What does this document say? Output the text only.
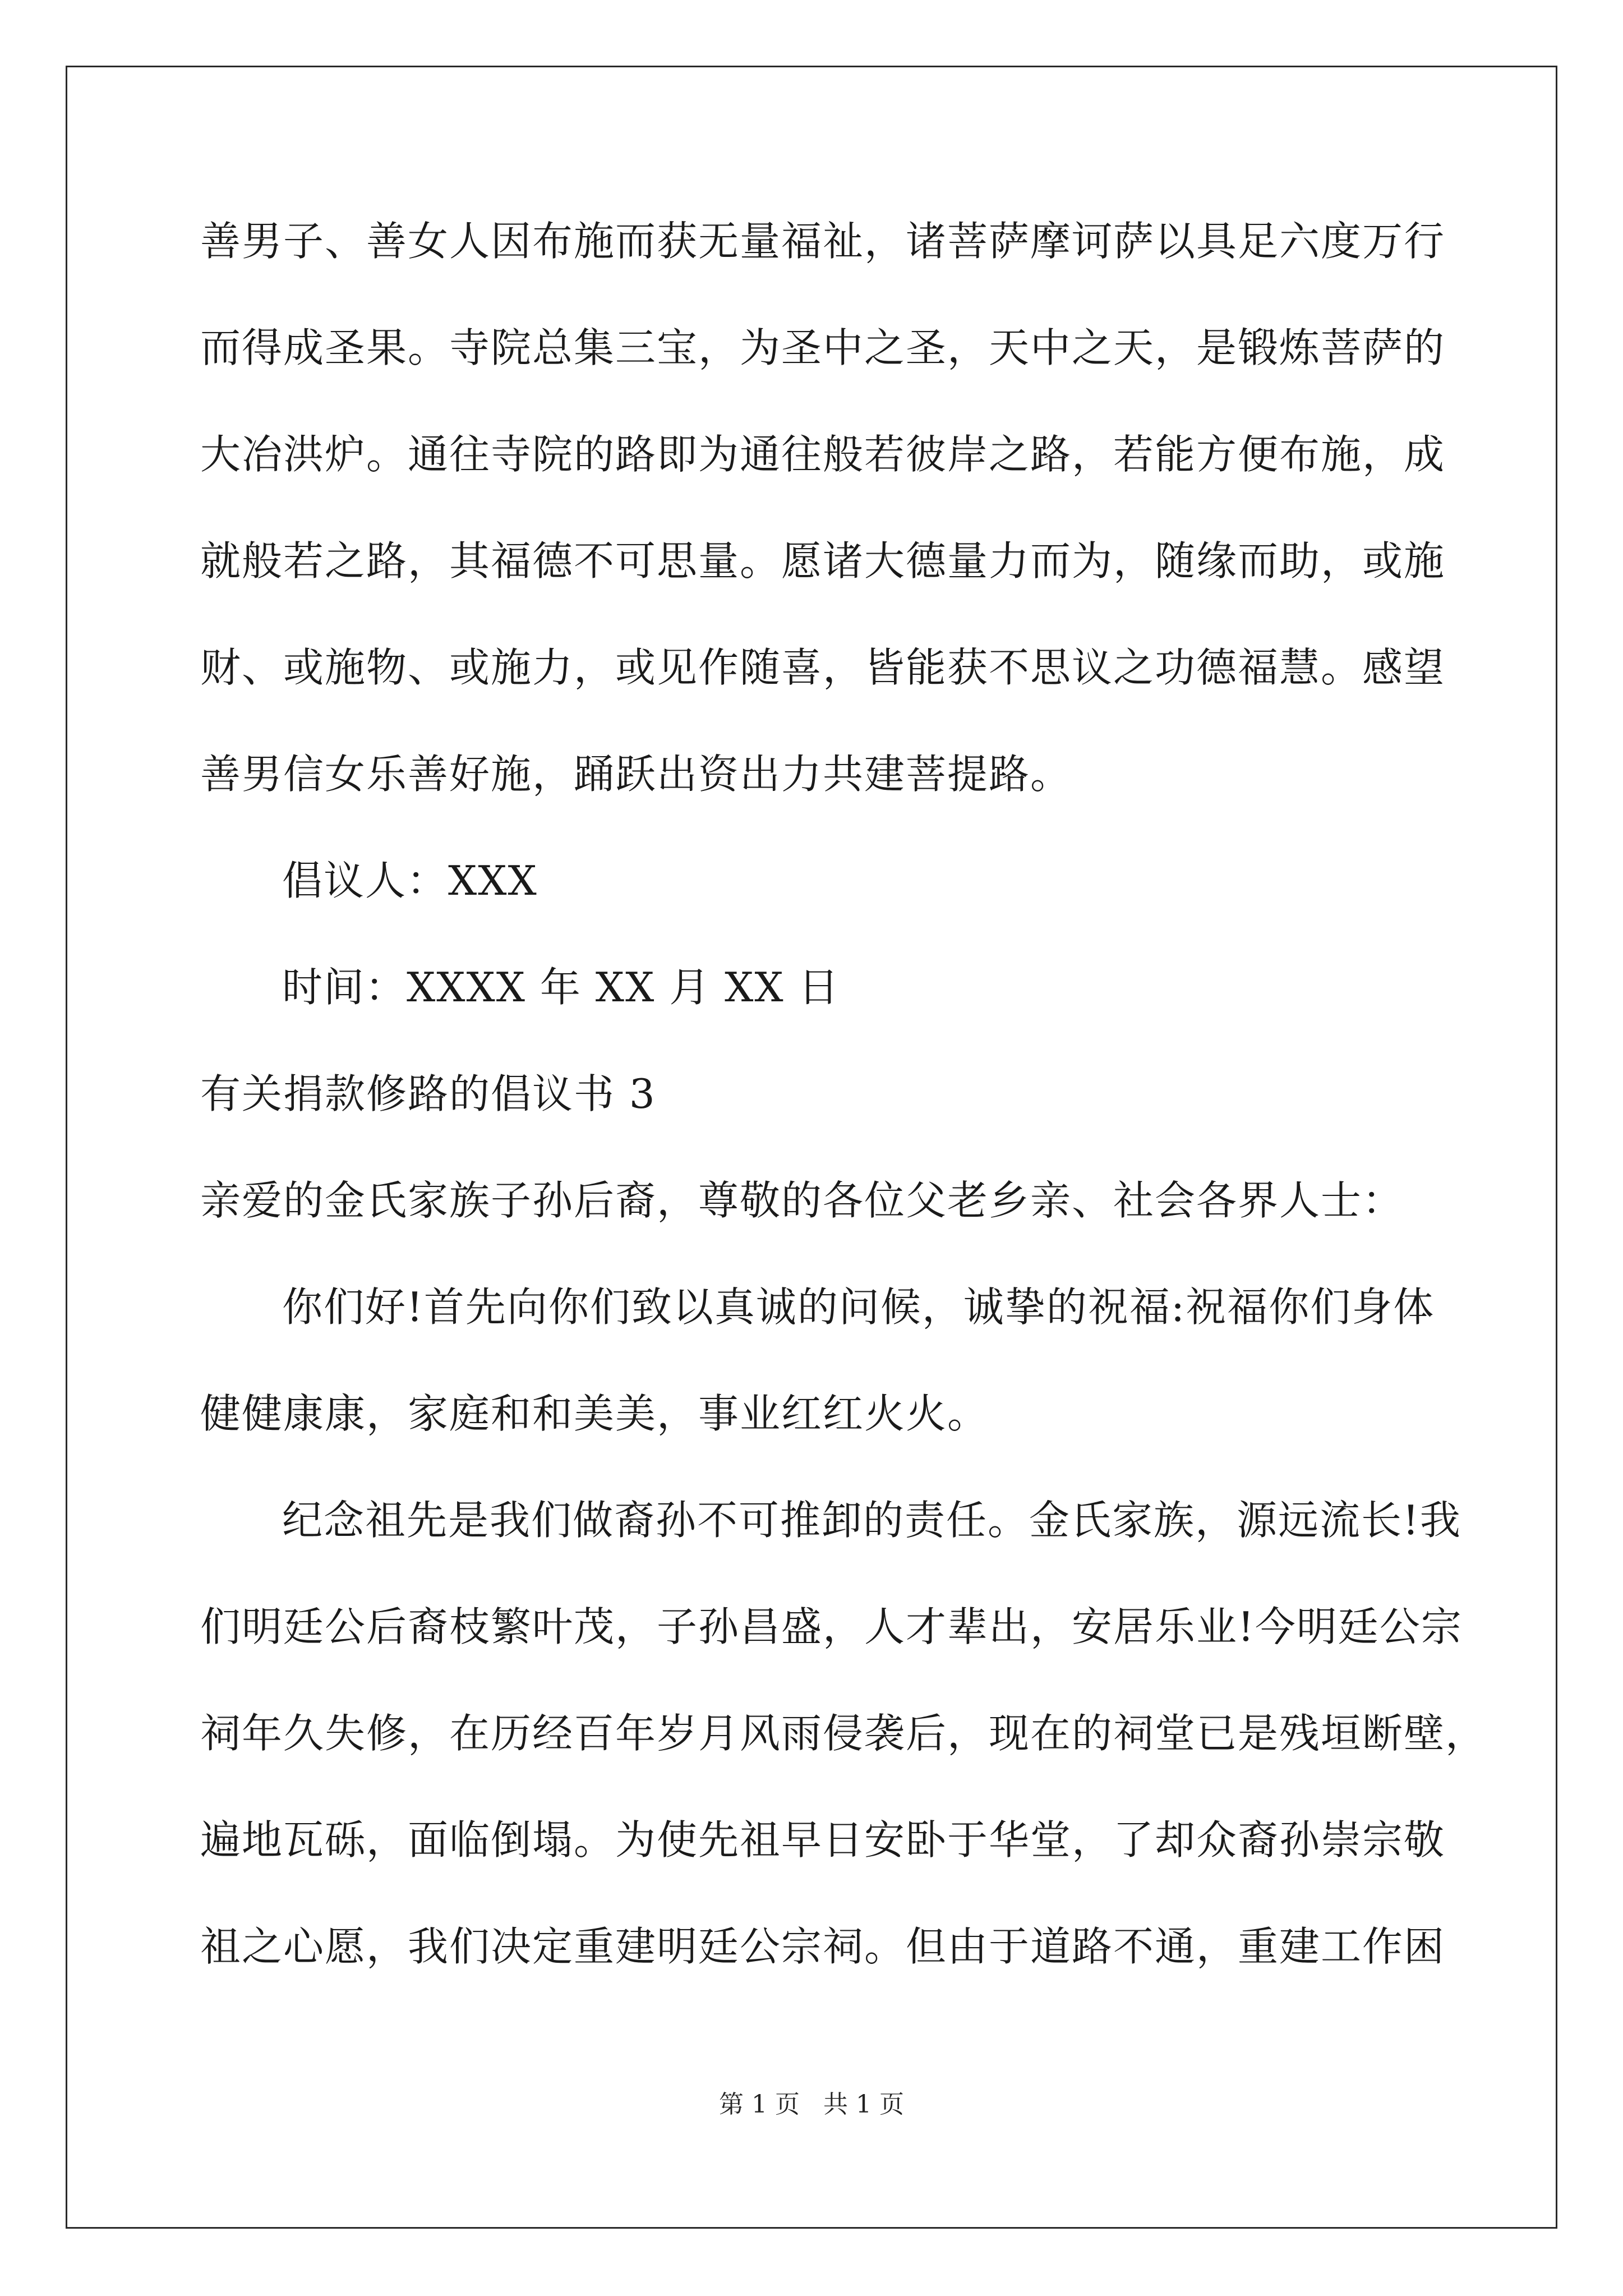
善男子、善女人因布施而获无量福祉，诸菩萨摩诃萨以具足六度万行
而得成圣果。寺院总集三宝，为圣中之圣，天中之天，是锻炼菩萨的
大冶洪炉。通往寺院的路即为通往般若彼岸之路，若能方便布施，成
就般若之路，其福德不可思量。愿诸大德量力而为，随缘而助，或施
财、或施物、或施力，或见作随喜，皆能获不思议之功德福慧。感望
善男信女乐善好施，踊跃出资出力共建菩提路。
倡议人：XXX
时间：XXXX 年 XX 月 XX 日
有关捐款修路的倡议书 3
亲爱的金氏家族子孙后裔，尊敬的各位父老乡亲、社会各界人士：
你们好!首先向你们致以真诚的问候，诚挚的祝福:祝福你们身体
健健康康，家庭和和美美，事业红红火火。
纪念祖先是我们做裔孙不可推卸的责任。金氏家族，源远流长!我
们明廷公后裔枝繁叶茂，子孙昌盛，人才辈出，安居乐业!今明廷公宗
祠年久失修，在历经百年岁月风雨侵袭后，现在的祠堂已是残垣断壁，
遍地瓦砾，面临倒塌。为使先祖早日安卧于华堂，了却众裔孙崇宗敬
祖之心愿，我们决定重建明廷公宗祠。但由于道路不通，重建工作困
第 1 页   共 1 页
